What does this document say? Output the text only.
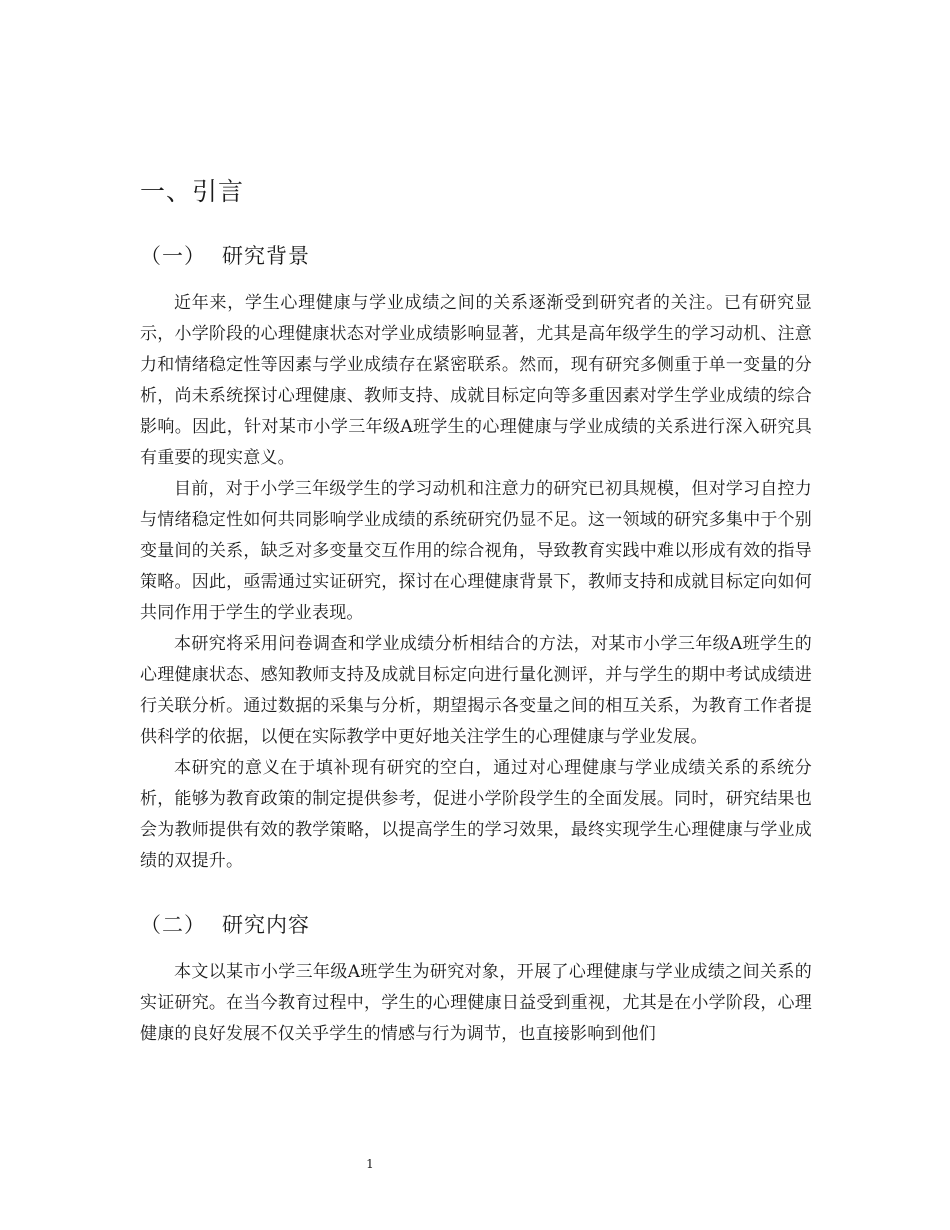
一、引言
（一） 研究背景

近年来，学生心理健康与学业成绩之间的关系逐渐受到研究者的关注。已有研究显示，小学阶段的心理健康状态对学业成绩影响显著，尤其是高年级学生的学习动机、注意力和情绪稳定性等因素与学业成绩存在紧密联系。然而，现有研究多侧重于单一变量的分析，尚未系统探讨心理健康、教师支持、成就目标定向等多重因素对学生学业成绩的综合影响。因此，针对某市小学三年级A班学生的心理健康与学业成绩的关系进行深入研究具有重要的现实意义。

目前，对于小学三年级学生的学习动机和注意力的研究已初具规模，但对学习自控力与情绪稳定性如何共同影响学业成绩的系统研究仍显不足。这一领域的研究多集中于个别变量间的关系，缺乏对多变量交互作用的综合视角，导致教育实践中难以形成有效的指导策略。因此，亟需通过实证研究，探讨在心理健康背景下，教师支持和成就目标定向如何共同作用于学生的学业表现。

本研究将采用问卷调查和学业成绩分析相结合的方法，对某市小学三年级A班学生的心理健康状态、感知教师支持及成就目标定向进行量化测评，并与学生的期中考试成绩进行关联分析。通过数据的采集与分析，期望揭示各变量之间的相互关系，为教育工作者提供科学的依据，以便在实际教学中更好地关注学生的心理健康与学业发展。

本研究的意义在于填补现有研究的空白，通过对心理健康与学业成绩关系的系统分析，能够为教育政策的制定提供参考，促进小学阶段学生的全面发展。同时，研究结果也会为教师提供有效的教学策略，以提高学生的学习效果，最终实现学生心理健康与学业成绩的双提升。

（二） 研究内容

本文以某市小学三年级A班学生为研究对象，开展了心理健康与学业成绩之间关系的实证研究。在当今教育过程中，学生的心理健康日益受到重视，尤其是在小学阶段，心理健康的良好发展不仅关乎学生的情感与行为调节，也直接影响到他们

1
